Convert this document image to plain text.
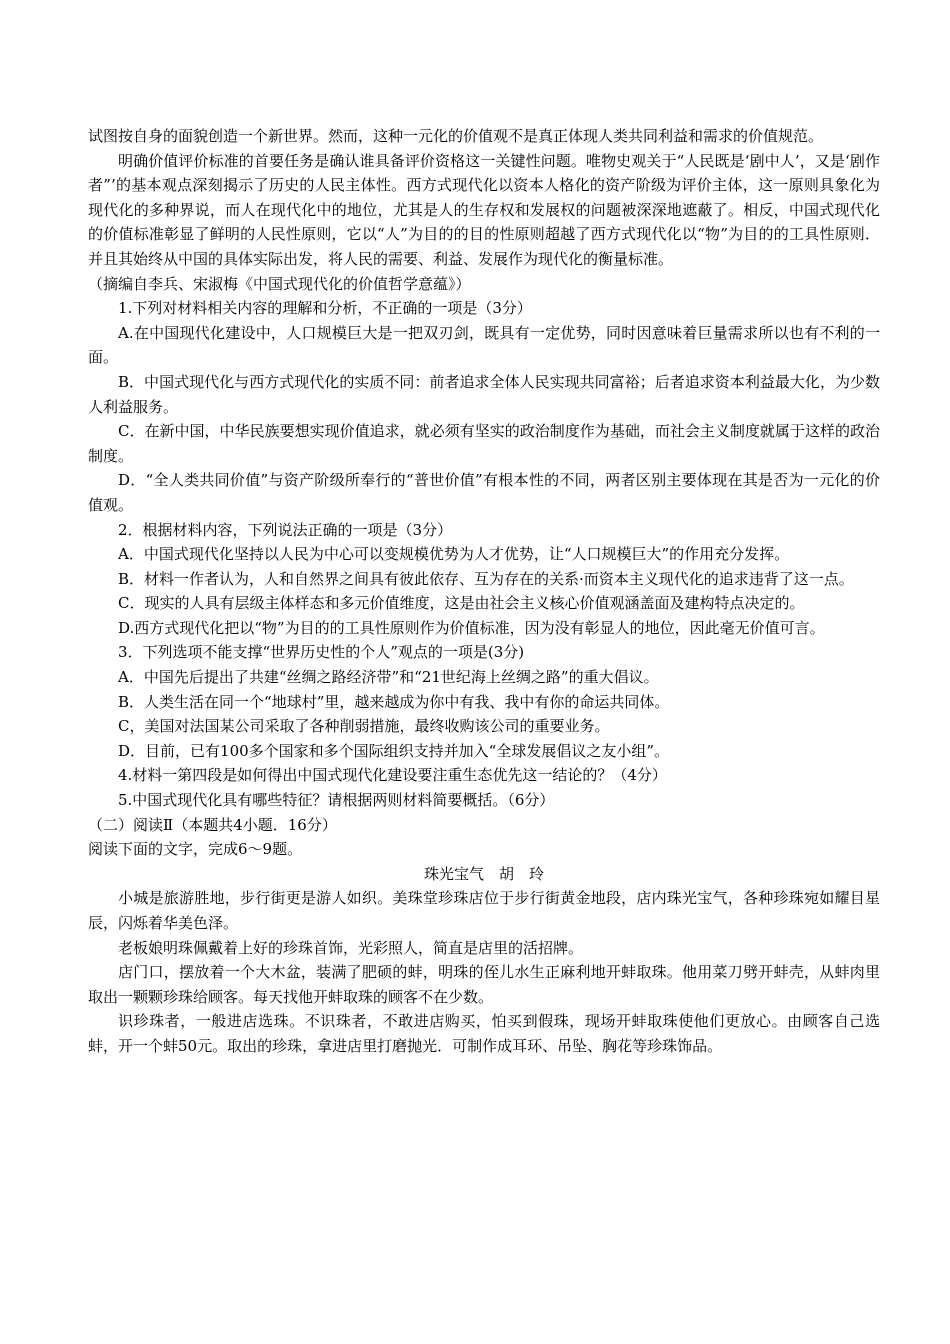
试图按自身的面貌创造一个新世界。然而，这种一元化的价值观不是真正体现人类共同利益和需求的价值规范。

明确价值评价标准的首要任务是确认谁具备评价资格这一关键性问题。唯物史观关于“人民既是‘剧中人’，又是‘剧作者”’的基本观点深刻揭示了历史的人民主体性。西方式现代化以资本人格化的资产阶级为评价主体，这一原则具象化为现代化的多种界说，而人在现代化中的地位，尤其是人的生存权和发展权的问题被深深地遮蔽了。相反，中国式现代化的价值标准彰显了鲜明的人民性原则，它以“人”为目的的目的性原则超越了西方式现代化以“物”为目的的工具性原则．并且其始终从中国的具体实际出发，将人民的需要、利益、发展作为现代化的衡量标准。

（摘编自李兵、宋淑梅《中国式现代化的价值哲学意蕴》）

1.下列对材料相关内容的理解和分析，不正确的一项是（3分）

A.在中国现代化建设中，人口规模巨大是一把双刃剑，既具有一定优势，同时因意味着巨量需求所以也有不利的一面。

B．中国式现代化与西方式现代化的实质不同：前者追求全体人民实现共同富裕；后者追求资本利益最大化，为少数人利益服务。

C．在新中国，中华民族要想实现价值追求，就必须有坚实的政治制度作为基础，而社会主义制度就属于这样的政治制度。

D．“全人类共同价值”与资产阶级所奉行的“普世价值”有根本性的不同，两者区别主要体现在其是否为一元化的价值观。

2．根据材料内容，下列说法正确的一项是（3分）

A．中国式现代化坚持以人民为中心可以变规模优势为人才优势，让“人口规模巨大”的作用充分发挥。

B．材料一作者认为，人和自然界之间具有彼此依存、互为存在的关系·而资本主义现代化的追求违背了这一点。

C．现实的人具有层级主体样态和多元价值维度，这是由社会主义核心价值观涵盖面及建构特点决定的。

D.西方式现代化把以“物”为目的的工具性原则作为价值标准，因为没有彰显人的地位，因此毫无价值可言。

3．下列选项不能支撑“世界历史性的个人”观点的一项是(3分)

A．中国先后提出了共建“丝绸之路经济带”和“21世纪海上丝绸之路”的重大倡议。

B．人类生活在同一个“地球村”里，越来越成为你中有我、我中有你的命运共同体。

C，美国对法国某公司采取了各种削弱措施，最终收购该公司的重要业务。

D．目前，已有100多个国家和多个国际组织支持并加入“全球发展倡议之友小组”。

4.材料一第四段是如何得出中国式现代化建设要注重生态优先这一结论的？（4分）

5.中国式现代化具有哪些特征？请根据两则材料简要概括。（6分）

（二）阅读Ⅱ（本题共4小题．16分）

阅读下面的文字，完成6～9题。

珠光宝气　胡　玲

小城是旅游胜地，步行街更是游人如织。美珠堂珍珠店位于步行街黄金地段，店内珠光宝气，各种珍珠宛如耀目星辰，闪烁着华美色泽。

老板娘明珠佩戴着上好的珍珠首饰，光彩照人，简直是店里的活招牌。

店门口，摆放着一个大木盆，装满了肥硕的蚌，明珠的侄儿水生正麻利地开蚌取珠。他用菜刀劈开蚌壳，从蚌肉里取出一颗颗珍珠给顾客。每天找他开蚌取珠的顾客不在少数。

识珍珠者，一般进店选珠。不识珠者，不敢进店购买，怕买到假珠，现场开蚌取珠使他们更放心。由顾客自己选蚌，开一个蚌50元。取出的珍珠，拿进店里打磨抛光．可制作成耳环、吊坠、胸花等珍珠饰品。
